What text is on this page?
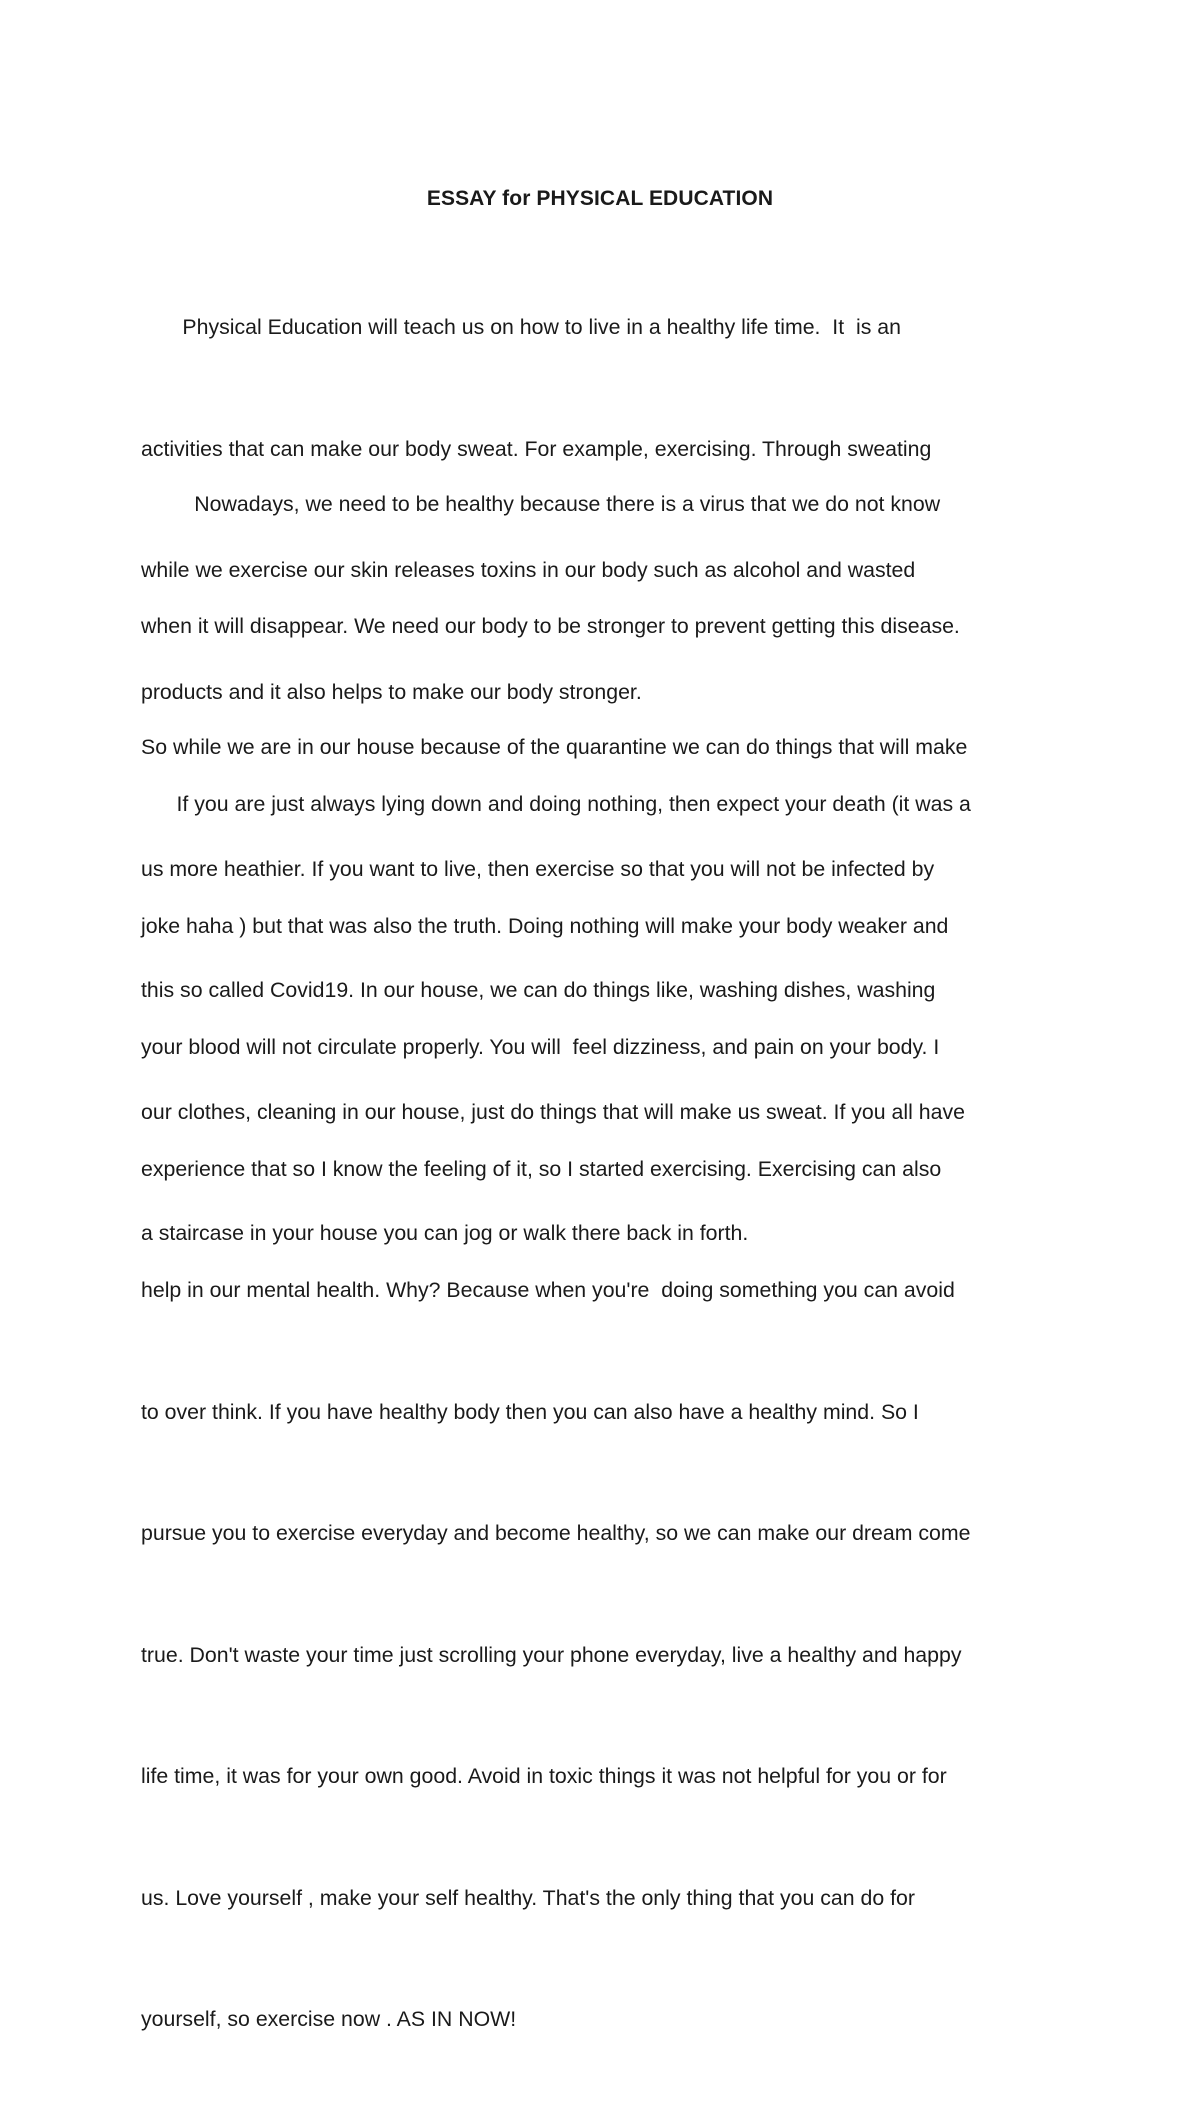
ESSAY for PHYSICAL EDUCATION

Physical Education will teach us on how to live in a healthy life time.  It  is an

activities that can make our body sweat. For example, exercising. Through sweating

while we exercise our skin releases toxins in our body such as alcohol and wasted

products and it also helps to make our body stronger.

Nowadays, we need to be healthy because there is a virus that we do not know

when it will disappear. We need our body to be stronger to prevent getting this disease.

So while we are in our house because of the quarantine we can do things that will make

us more heathier. If you want to live, then exercise so that you will not be infected by

this so called Covid19. In our house, we can do things like, washing dishes, washing

our clothes, cleaning in our house, just do things that will make us sweat. If you all have

a staircase in your house you can jog or walk there back in forth.

If you are just always lying down and doing nothing, then expect your death (it was a

joke haha ) but that was also the truth. Doing nothing will make your body weaker and

your blood will not circulate properly. You will  feel dizziness, and pain on your body. I

experience that so I know the feeling of it, so I started exercising. Exercising can also

help in our mental health. Why? Because when you're  doing something you can avoid

to over think. If you have healthy body then you can also have a healthy mind. So I

pursue you to exercise everyday and become healthy, so we can make our dream come

true. Don't waste your time just scrolling your phone everyday, live a healthy and happy

life time, it was for your own good. Avoid in toxic things it was not helpful for you or for

us. Love yourself , make your self healthy. That's the only thing that you can do for

yourself, so exercise now . AS IN NOW!
